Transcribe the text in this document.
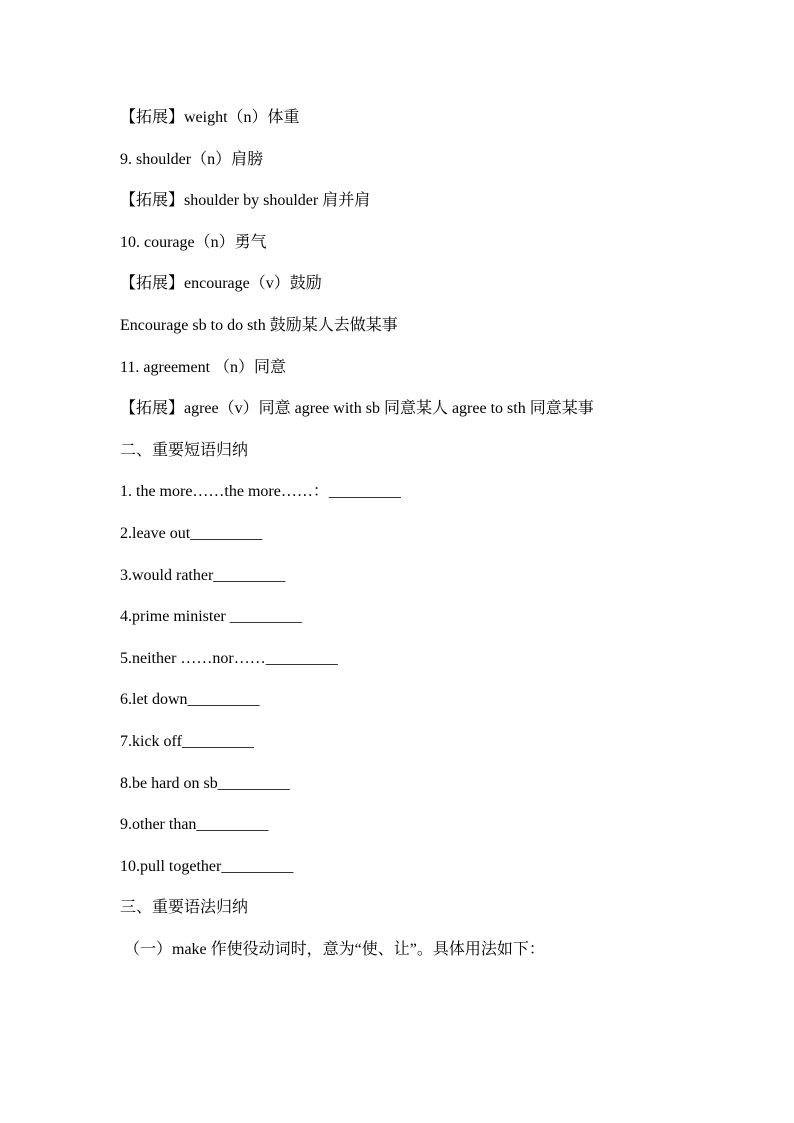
【拓展】weight（n）体重
9. shoulder（n）肩膀
【拓展】shoulder by shoulder 肩并肩
10. courage（n）勇气
【拓展】encourage（v）鼓励
Encourage sb to do sth 鼓励某人去做某事
11. agreement （n）同意
【拓展】agree（v）同意 agree with sb 同意某人 agree to sth 同意某事
二、重要短语归纳
1. the more……the more……：_________
2.leave out_________
3.would rather_________
4.prime minister _________
5.neither ……nor……_________
6.let down_________
7.kick off_________
8.be hard on sb_________
9.other than_________
10.pull together_________
三、重要语法归纳
（一）make 作使役动词时，意为“使、让”。具体用法如下：
